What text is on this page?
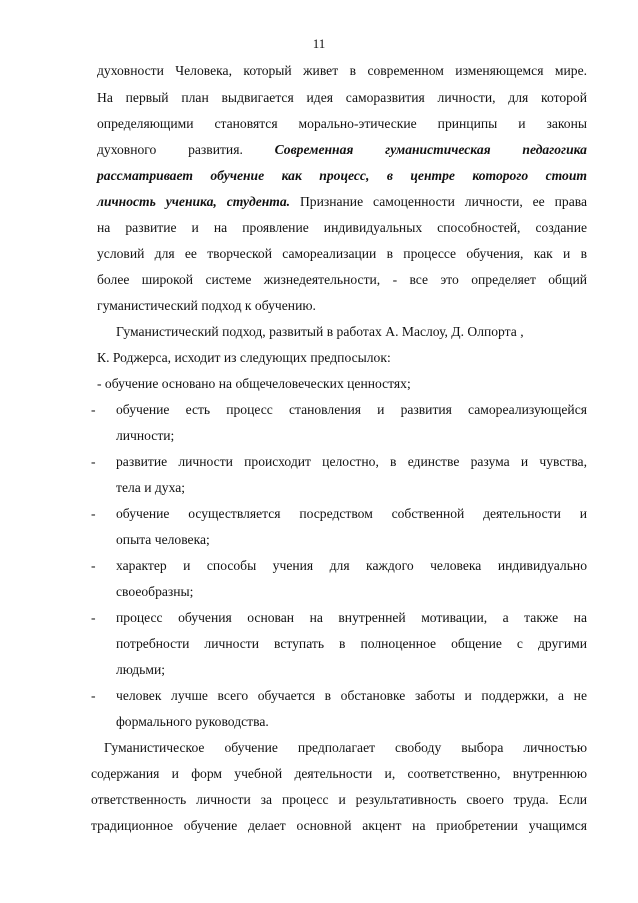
11
духовности Человека, который живет в современном изменяющемся мире.
На первый план выдвигается идея саморазвития личности, для которой
определяющими становятся морально-этические принципы и законы
духовного развития. Современная гуманистическая педагогика
рассматривает обучение как процесс, в центре которого стоит
личность ученика, студента. Признание самоценности личности, ее права
на развитие и на проявление индивидуальных способностей, создание
условий для ее творческой самореализации в процессе обучения, как и в
более широкой системе жизнедеятельности, - все это определяет общий
гуманистический подход к обучению.
Гуманистический подход, развитый в работах А. Маслоу, Д. Олпорта ,
К. Роджерса, исходит из следующих предпосылок:
- обучение основано на общечеловеческих ценностях;
-	обучение есть процесс становления и развития самореализующейся
личности;
-	развитие личности происходит целостно, в единстве разума и чувства,
тела и духа;
-	обучение осуществляется посредством собственной деятельности и
опыта человека;
-	характер и способы учения для каждого человека индивидуально
своеобразны;
-	процесс обучения основан на внутренней мотивации, а также на
потребности личности вступать в полноценное общение с другими
людьми;
-	человек лучше всего обучается в обстановке заботы и поддержки, а не
формального руководства.
Гуманистическое обучение предполагает свободу выбора личностью
содержания и форм учебной деятельности и, соответственно, внутреннюю
ответственность личности за процесс и результативность своего труда. Если
традиционное обучение делает основной акцент на приобретении учащимся
